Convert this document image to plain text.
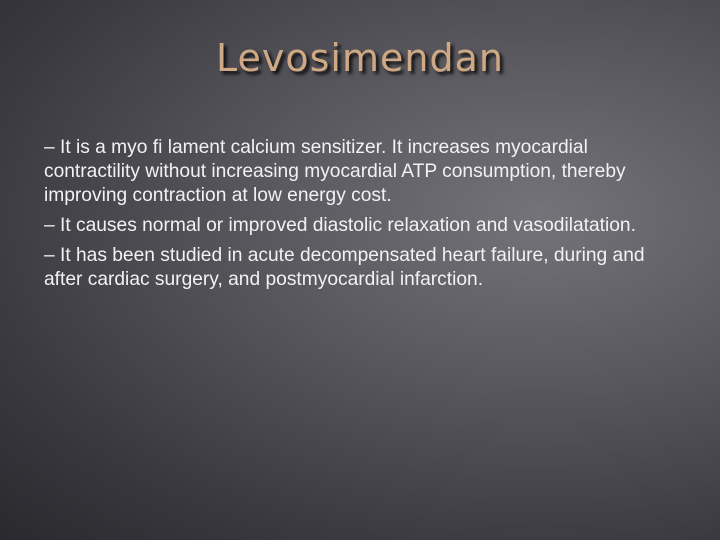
Levosimendan

– It is a myo fi lament calcium sensitizer. It increases myocardial contractility without increasing myocardial ATP consumption, thereby improving contraction at low energy cost.

– It causes normal or improved diastolic relaxation and vasodilatation.

– It has been studied in acute decompensated heart failure, during and after cardiac surgery, and postmyocardial infarction.
